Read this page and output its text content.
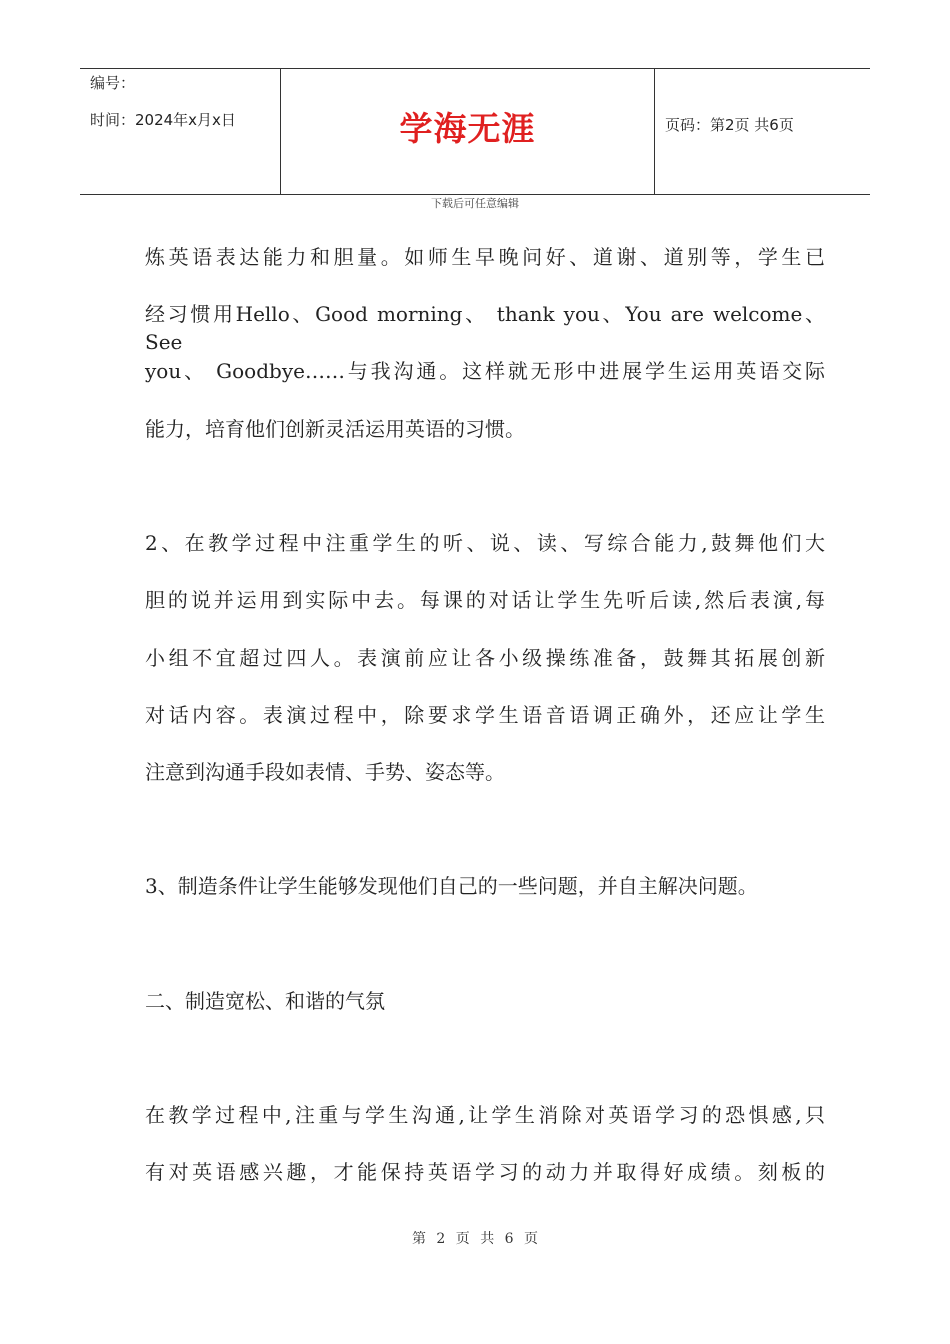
编号：
时间：2024年x月x日	学海无涯	页码：第2页 共6页
下载后可任意编辑
炼英语表达能力和胆量。如师生早晚问好、道谢、道别等，学生已
经习惯用Hello、Good morning、 thank you、You are welcome、 See
you、 Goodbye……与我沟通。这样就无形中进展学生运用英语交际
能力，培育他们创新灵活运用英语的习惯。
2、在教学过程中注重学生的听、说、读、写综合能力,鼓舞他们大
胆的说并运用到实际中去。每课的对话让学生先听后读,然后表演,每
小组不宜超过四人。表演前应让各小级操练准备，鼓舞其拓展创新
对话内容。表演过程中，除要求学生语音语调正确外，还应让学生
注意到沟通手段如表情、手势、姿态等。
3、制造条件让学生能够发现他们自己的一些问题，并自主解决问题。
二、制造宽松、和谐的气氛
在教学过程中,注重与学生沟通,让学生消除对英语学习的恐惧感,只
有对英语感兴趣，才能保持英语学习的动力并取得好成绩。刻板的
第 2 页 共 6 页
